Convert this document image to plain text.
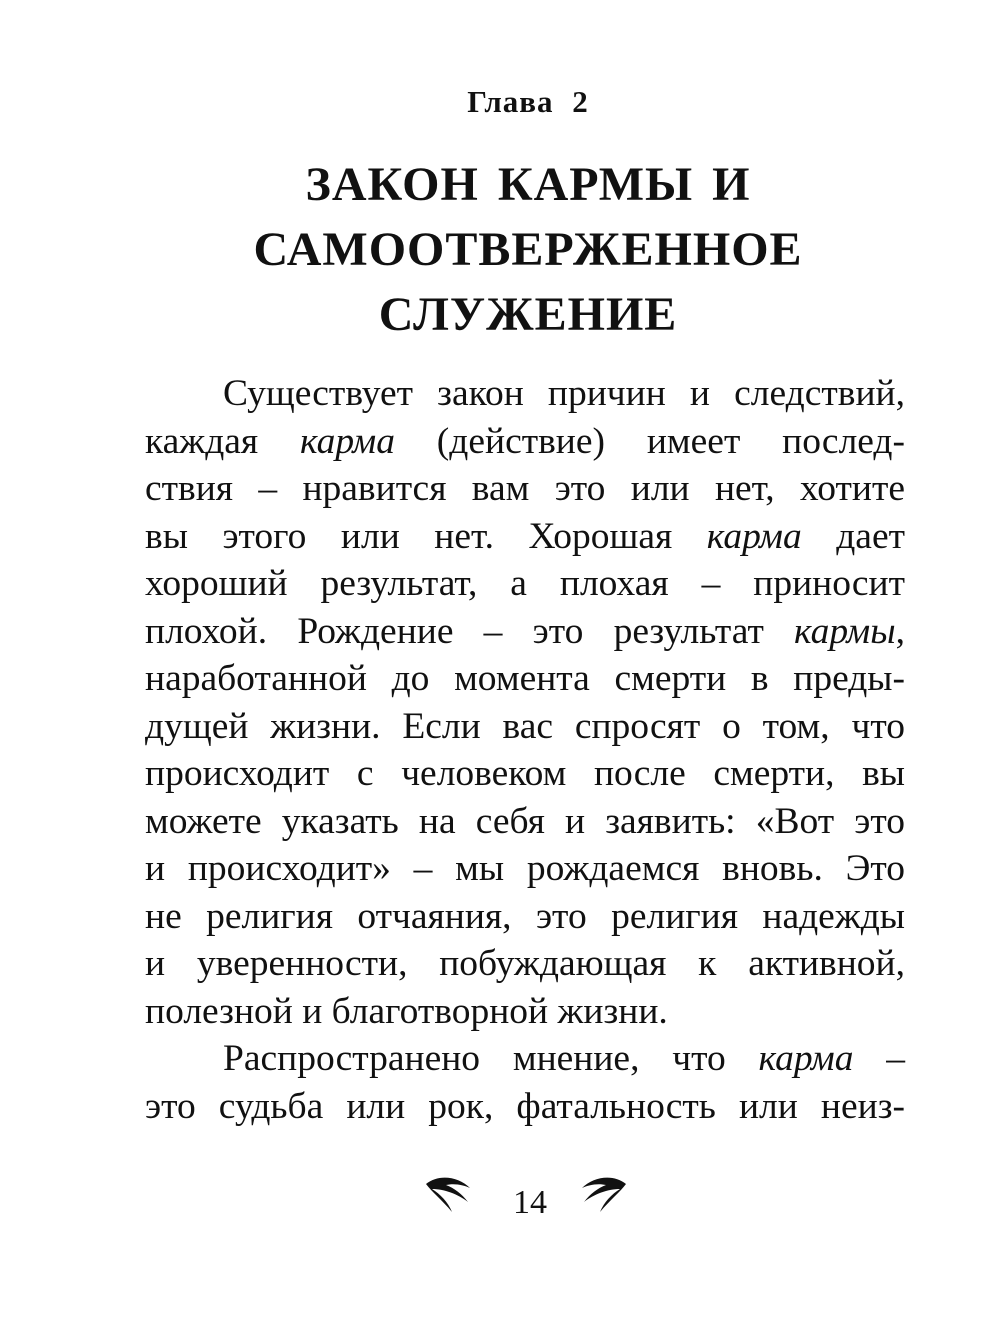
Глава 2
ЗАКОН КАРМЫ И
САМООТВЕРЖЕННОЕ
СЛУЖЕНИЕ
Существует закон причин и следствий,
каждая карма (действие) имеет послед-
ствия – нравится вам это или нет, хотите
вы этого или нет. Хорошая карма дает
хороший результат, а плохая – приносит
плохой. Рождение – это результат кармы,
наработанной до момента смерти в преды-
дущей жизни. Если вас спросят о том, что
происходит с человеком после смерти, вы
можете указать на себя и заявить: «Вот это
и происходит» – мы рождаемся вновь. Это
не религия отчаяния, это религия надежды
и уверенности, побуждающая к активной,
полезной и благотворной жизни.
Распространено мнение, что карма –
это судьба или рок, фатальность или неиз-
14
